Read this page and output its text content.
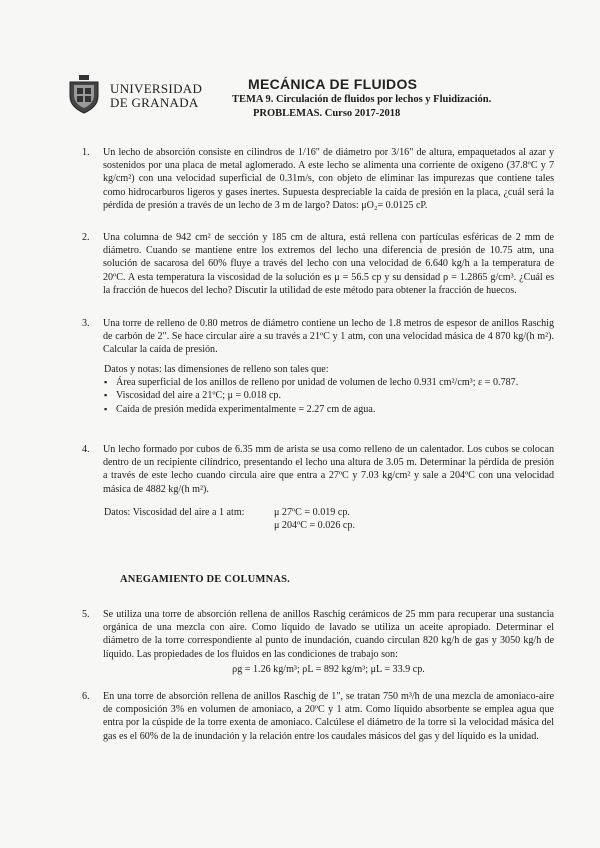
UNIVERSIDAD
DE GRANADA
MECÁNICA DE FLUIDOS
TEMA 9. Circulación de fluidos por lechos y Fluidización.
PROBLEMAS. Curso 2017-2018
1. Un lecho de absorción consiste en cilindros de 1/16" de diámetro por 3/16" de altura, empaquetados al azar y sostenidos por una placa de metal aglomerado. A este lecho se alimenta una corriente de oxígeno (37.8ºC y 7 kg/cm²) con una velocidad superficial de 0.31m/s, con objeto de eliminar las impurezas que contiene tales como hidrocarburos ligeros y gases inertes. Supuesta despreciable la caída de presión en la placa, ¿cuál será la pérdida de presión a través de un lecho de 3 m de largo? Datos: μO₂= 0.0125 cP.
2. Una columna de 942 cm² de sección y 185 cm de altura, está rellena con partículas esféricas de 2 mm de diámetro. Cuando se mantiene entre los extremos del lecho una diferencia de presión de 10.75 atm, una solución de sacarosa del 60% fluye a través del lecho con una velocidad de 6.640 kg/h a la temperatura de 20ºC. A esta temperatura la viscosidad de la solución es μ = 56.5 cp y su densidad ρ = 1.2865 g/cm³. ¿Cuál es la fracción de huecos del lecho? Discutir la utilidad de este método para obtener la fracción de huecos.
3. Una torre de relleno de 0.80 metros de diámetro contiene un lecho de 1.8 metros de espesor de anillos Raschig de carbón de 2". Se hace circular aire a su través a 21ºC y 1 atm, con una velocidad másica de 4 870 kg/(h m²). Calcular la caída de presión.
Datos y notas: las dimensiones de relleno son tales que:
▪ Área superficial de los anillos de relleno por unidad de volumen de lecho 0.931 cm²/cm³; ε = 0.787.
▪ Viscosidad del aire a 21ºC; μ = 0.018 cp.
▪ Caída de presión medida experimentalmente = 2.27 cm de agua.
4. Un lecho formado por cubos de 6.35 mm de arista se usa como relleno de un calentador. Los cubos se colocan dentro de un recipiente cilíndrico, presentando el lecho una altura de 3.05 m. Determinar la pérdida de presión a través de este lecho cuando circula aire que entra a 27ºC y 7.03 kg/cm² y sale a 204ºC con una velocidad másica de 4882 kg/(h m²).
Datos: Viscosidad del aire a 1 atm:	μ 27ºC = 0.019 cp.
μ 204ºC = 0.026 cp.
ANEGAMIENTO DE COLUMNAS.
5. Se utiliza una torre de absorción rellena de anillos Raschig cerámicos de 25 mm para recuperar una sustancia orgánica de una mezcla con aire. Como líquido de lavado se utiliza un aceite apropiado. Determinar el diámetro de la torre correspondiente al punto de inundación, cuando circulan 820 kg/h de gas y 3050 kg/h de líquido. Las propiedades de los fluidos en las condiciones de trabajo son:
ρg = 1.26 kg/m³; ρL = 892 kg/m³; μL = 33.9 cp.
6. En una torre de absorción rellena de anillos Raschig de 1", se tratan 750 m³/h de una mezcla de amoniaco-aire de composición 3% en volumen de amoniaco, a 20ºC y 1 atm. Como líquido absorbente se emplea agua que entra por la cúspide de la torre exenta de amoniaco. Calcúlese el diámetro de la torre si la velocidad másica del gas es el 60% de la de inundación y la relación entre los caudales másicos del gas y del líquido es la unidad.
